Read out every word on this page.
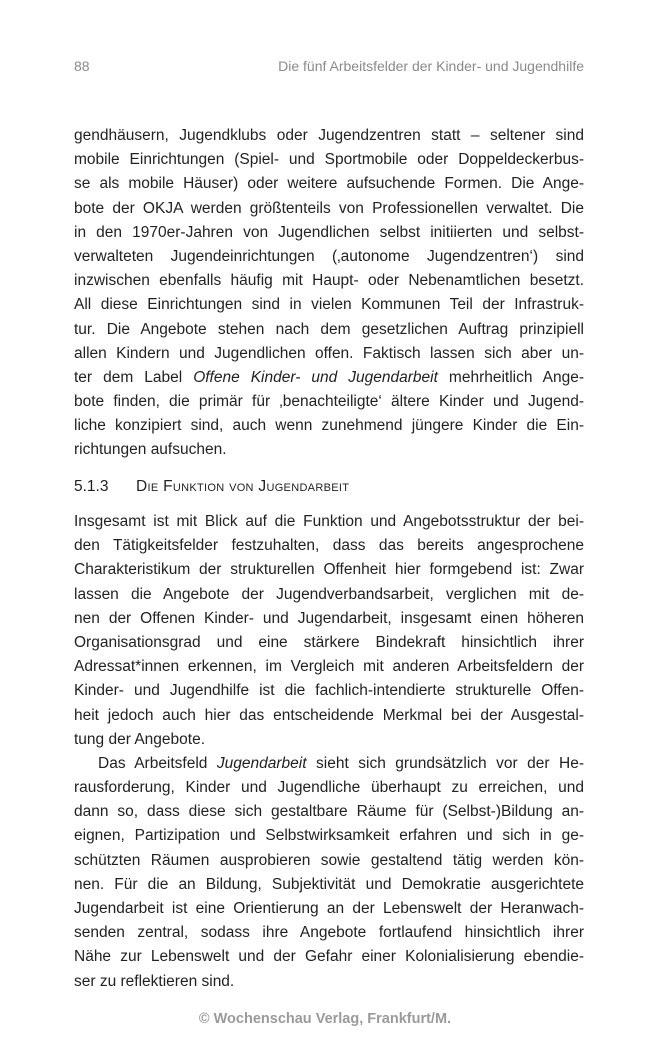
88	Die fünf Arbeitsfelder der Kinder- und Jugendhilfe
gendhäusern, Jugendklubs oder Jugendzentren statt – seltener sind
mobile Einrichtungen (Spiel- und Sportmobile oder Doppeldeckerbus-
se als mobile Häuser) oder weitere aufsuchende Formen. Die Ange-
bote der OKJA werden größtenteils von Professionellen verwaltet. Die
in den 1970er-Jahren von Jugendlichen selbst initiierten und selbst-
verwalteten Jugendeinrichtungen (‚autonome Jugendzentren‘) sind
inzwischen ebenfalls häufig mit Haupt- oder Nebenamtlichen besetzt.
All diese Einrichtungen sind in vielen Kommunen Teil der Infrastruk-
tur. Die Angebote stehen nach dem gesetzlichen Auftrag prinzipiell
allen Kindern und Jugendlichen offen. Faktisch lassen sich aber un-
ter dem Label Offene Kinder- und Jugendarbeit mehrheitlich Ange-
bote finden, die primär für ‚benachteiligte‘ ältere Kinder und Jugend-
liche konzipiert sind, auch wenn zunehmend jüngere Kinder die Ein-
richtungen aufsuchen.
5.1.3 Die Funktion von Jugendarbeit
Insgesamt ist mit Blick auf die Funktion und Angebotsstruktur der bei-
den Tätigkeitsfelder festzuhalten, dass das bereits angesprochene
Charakteristikum der strukturellen Offenheit hier formgebend ist: Zwar
lassen die Angebote der Jugendverbandsarbeit, verglichen mit de-
nen der Offenen Kinder- und Jugendarbeit, insgesamt einen höheren
Organisationsgrad und eine stärkere Bindekraft hinsichtlich ihrer
Adressat*innen erkennen, im Vergleich mit anderen Arbeitsfeldern der
Kinder- und Jugendhilfe ist die fachlich-intendierte strukturelle Offen-
heit jedoch auch hier das entscheidende Merkmal bei der Ausgestal-
tung der Angebote.
Das Arbeitsfeld Jugendarbeit sieht sich grundsätzlich vor der He-
rausforderung, Kinder und Jugendliche überhaupt zu erreichen, und
dann so, dass diese sich gestaltbare Räume für (Selbst-)Bildung an-
eignen, Partizipation und Selbstwirksamkeit erfahren und sich in ge-
schützten Räumen ausprobieren sowie gestaltend tätig werden kön-
nen. Für die an Bildung, Subjektivität und Demokratie ausgerichtete
Jugendarbeit ist eine Orientierung an der Lebenswelt der Heranwach-
senden zentral, sodass ihre Angebote fortlaufend hinsichtlich ihrer
Nähe zur Lebenswelt und der Gefahr einer Kolonialisierung ebendie-
ser zu reflektieren sind.
© Wochenschau Verlag, Frankfurt/M.
